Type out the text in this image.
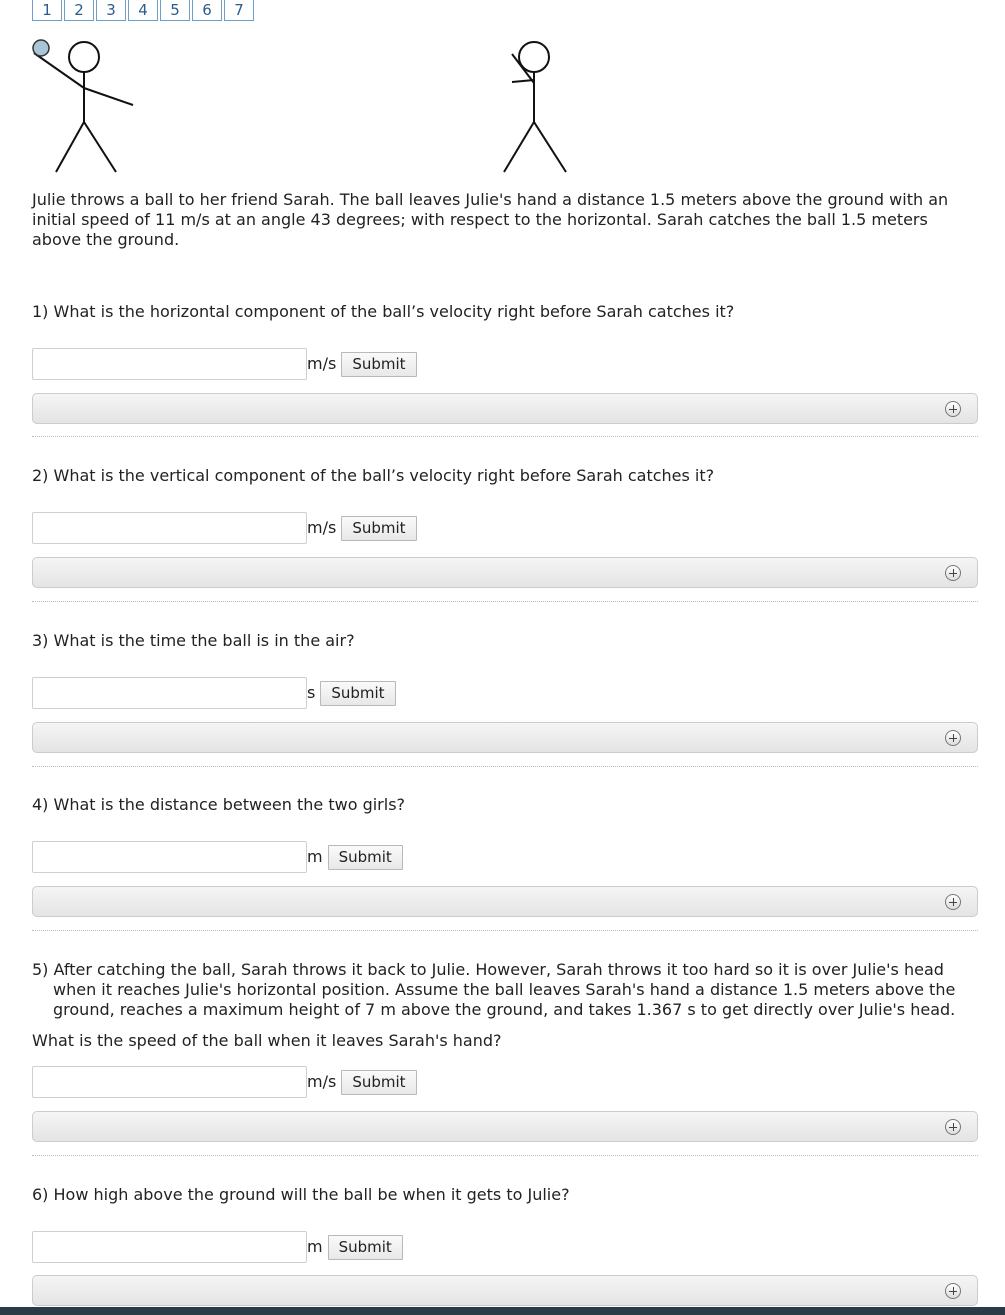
1	2	3	4	5	6	7

Julie throws a ball to her friend Sarah. The ball leaves Julie's hand a distance 1.5 meters above the ground with an initial speed of 11 m/s at an angle 43 degrees; with respect to the horizontal. Sarah catches the ball 1.5 meters above the ground.

1) What is the horizontal component of the ball’s velocity right before Sarah catches it?

m/s	Submit

2) What is the vertical component of the ball’s velocity right before Sarah catches it?

m/s	Submit

3) What is the time the ball is in the air?

s	Submit

4) What is the distance between the two girls?

m	Submit

5) After catching the ball, Sarah throws it back to Julie. However, Sarah throws it too hard so it is over Julie's head when it reaches Julie's horizontal position. Assume the ball leaves Sarah's hand a distance 1.5 meters above the ground, reaches a maximum height of 7 m above the ground, and takes 1.367 s to get directly over Julie's head.

What is the speed of the ball when it leaves Sarah's hand?

m/s	Submit

6) How high above the ground will the ball be when it gets to Julie?

m	Submit
